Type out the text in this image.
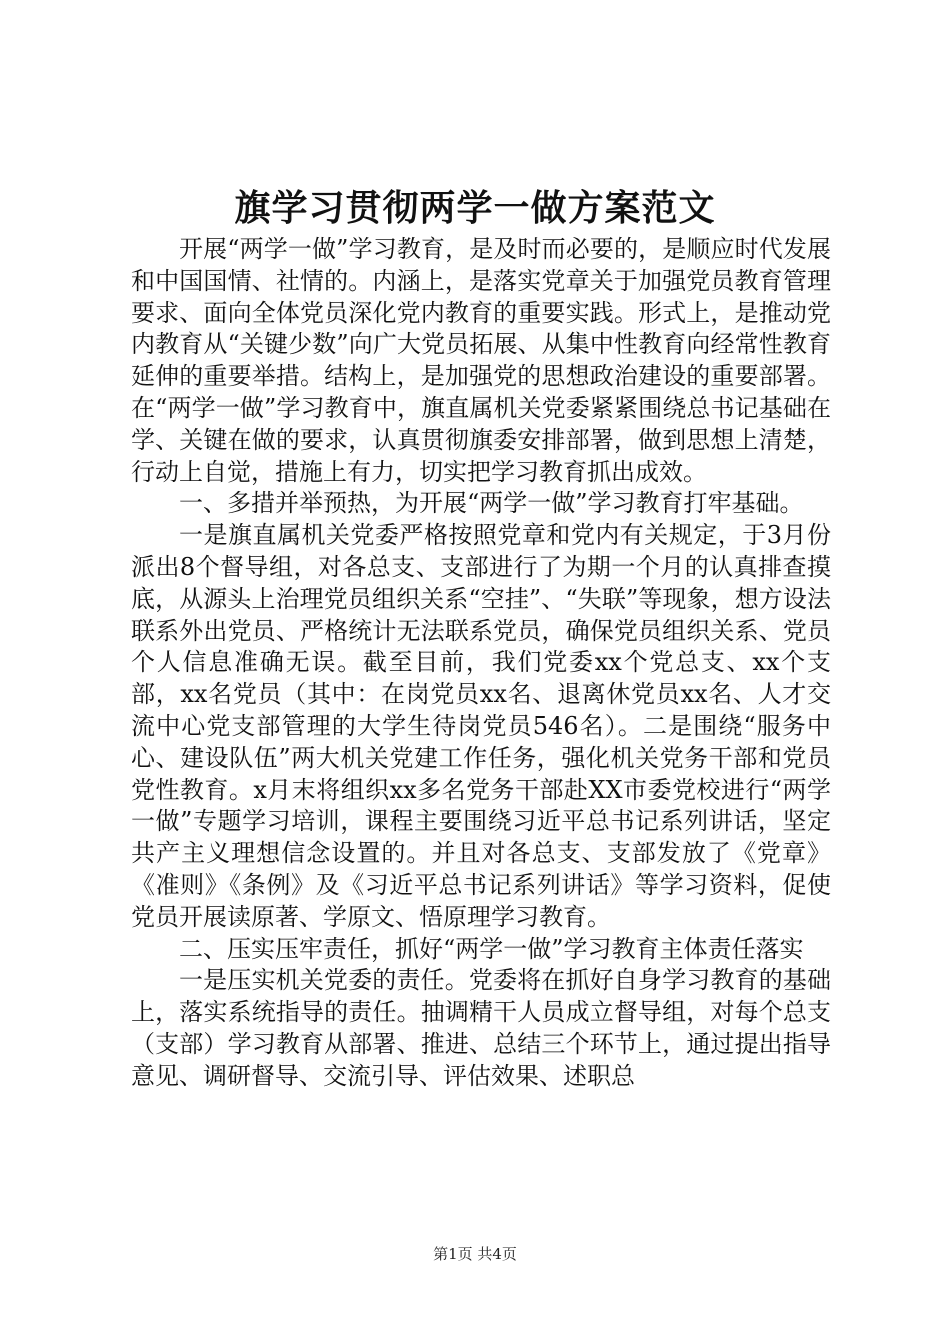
旗学习贯彻两学一做方案范文

开展“两学一做”学习教育，是及时而必要的，是顺应时代发展和中国国情、社情的。内涵上，是落实党章关于加强党员教育管理要求、面向全体党员深化党内教育的重要实践。形式上，是推动党内教育从“关键少数”向广大党员拓展、从集中性教育向经常性教育延伸的重要举措。结构上，是加强党的思想政治建设的重要部署。在“两学一做”学习教育中，旗直属机关党委紧紧围绕总书记基础在学、关键在做的要求，认真贯彻旗委安排部署，做到思想上清楚，行动上自觉，措施上有力，切实把学习教育抓出成效。

一、多措并举预热，为开展“两学一做”学习教育打牢基础。

一是旗直属机关党委严格按照党章和党内有关规定，于3月份派出8个督导组，对各总支、支部进行了为期一个月的认真排查摸底，从源头上治理党员组织关系“空挂”、“失联”等现象，想方设法联系外出党员、严格统计无法联系党员，确保党员组织关系、党员个人信息准确无误。截至目前，我们党委xx个党总支、xx个支部，xx名党员（其中：在岗党员xx名、退离休党员xx名、人才交流中心党支部管理的大学生待岗党员546名）。二是围绕“服务中心、建设队伍”两大机关党建工作任务，强化机关党务干部和党员党性教育。x月末将组织xx多名党务干部赴XX市委党校进行“两学一做”专题学习培训，课程主要围绕习近平总书记系列讲话，坚定共产主义理想信念设置的。并且对各总支、支部发放了《党章》《准则》《条例》及《习近平总书记系列讲话》等学习资料，促使党员开展读原著、学原文、悟原理学习教育。

二、压实压牢责任，抓好“两学一做”学习教育主体责任落实

一是压实机关党委的责任。党委将在抓好自身学习教育的基础上，落实系统指导的责任。抽调精干人员成立督导组，对每个总支（支部）学习教育从部署、推进、总结三个环节上，通过提出指导意见、调研督导、交流引导、评估效果、述职总

第1页 共4页
